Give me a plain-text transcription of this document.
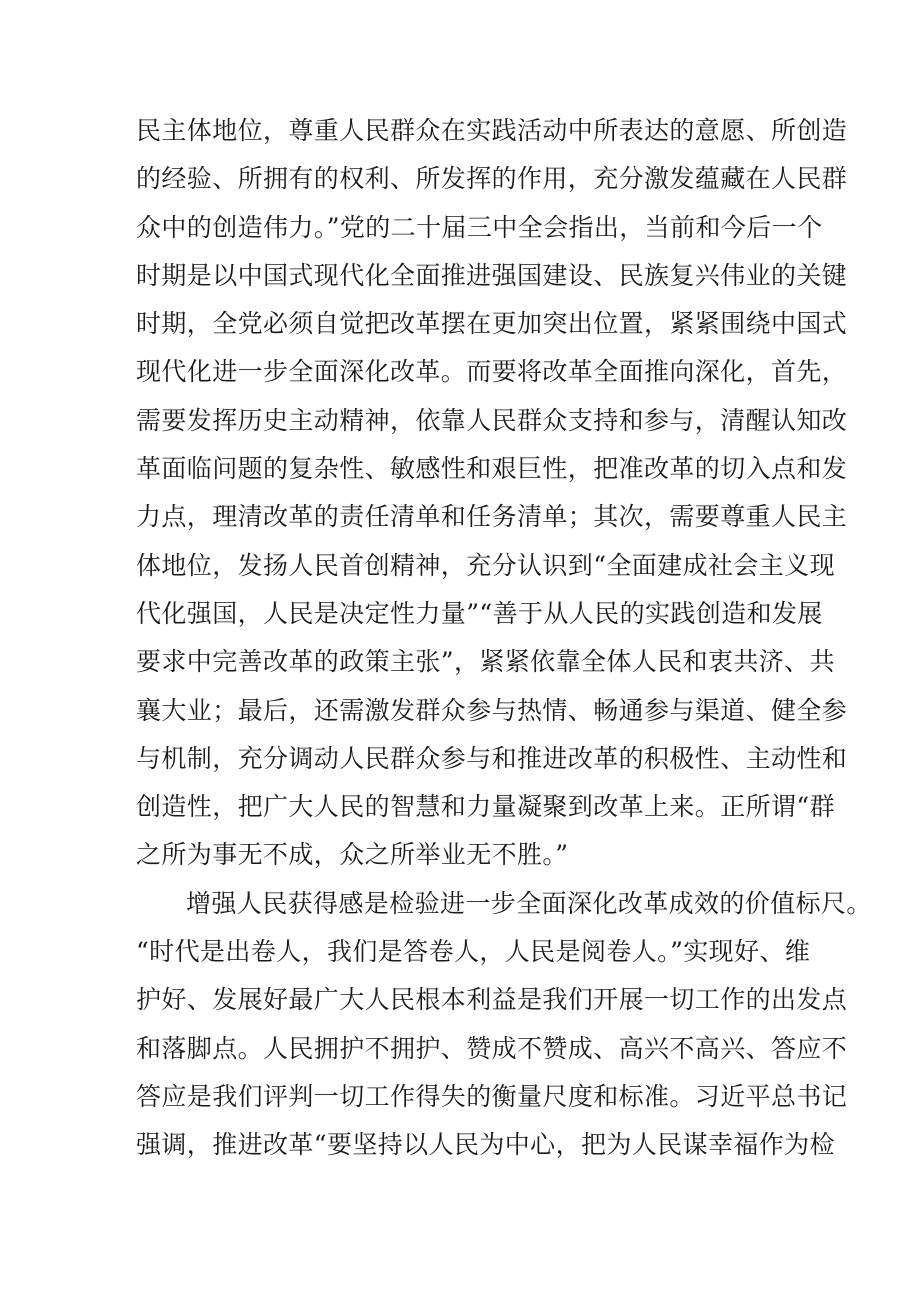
民主体地位，尊重人民群众在实践活动中所表达的意愿、所创造
的经验、所拥有的权利、所发挥的作用，充分激发蕴藏在人民群
众中的创造伟力。”党的二十届三中全会指出，当前和今后一个
时期是以中国式现代化全面推进强国建设、民族复兴伟业的关键
时期，全党必须自觉把改革摆在更加突出位置，紧紧围绕中国式
现代化进一步全面深化改革。而要将改革全面推向深化，首先，
需要发挥历史主动精神，依靠人民群众支持和参与，清醒认知改
革面临问题的复杂性、敏感性和艰巨性，把准改革的切入点和发
力点，理清改革的责任清单和任务清单；其次，需要尊重人民主
体地位，发扬人民首创精神，充分认识到“全面建成社会主义现
代化强国，人民是决定性力量”“善于从人民的实践创造和发展
要求中完善改革的政策主张”，紧紧依靠全体人民和衷共济、共
襄大业；最后，还需激发群众参与热情、畅通参与渠道、健全参
与机制，充分调动人民群众参与和推进改革的积极性、主动性和
创造性，把广大人民的智慧和力量凝聚到改革上来。正所谓“群
之所为事无不成，众之所举业无不胜。”
增强人民获得感是检验进一步全面深化改革成效的价值标尺。
“时代是出卷人，我们是答卷人，人民是阅卷人。”实现好、维
护好、发展好最广大人民根本利益是我们开展一切工作的出发点
和落脚点。人民拥护不拥护、赞成不赞成、高兴不高兴、答应不
答应是我们评判一切工作得失的衡量尺度和标准。习近平总书记
强调，推进改革“要坚持以人民为中心，把为人民谋幸福作为检
